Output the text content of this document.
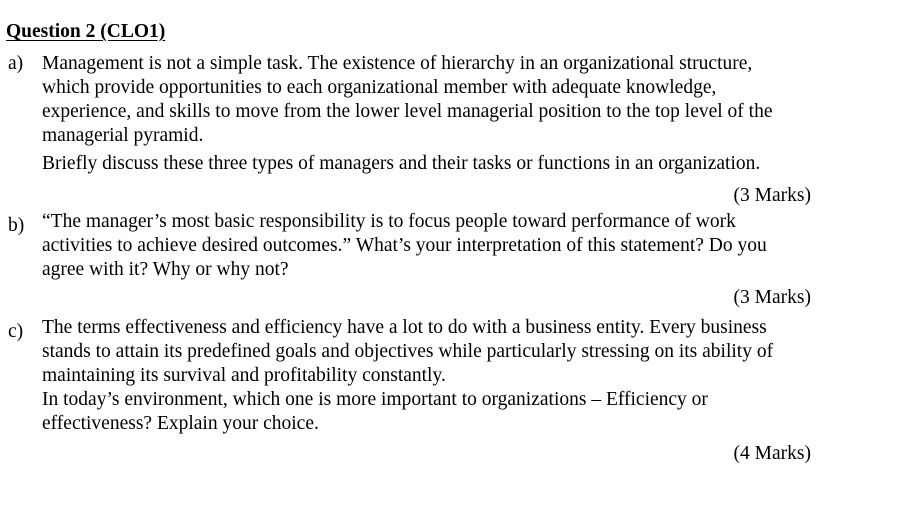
Question 2 (CLO1)
a) Management is not a simple task. The existence of hierarchy in an organizational structure,

which provide opportunities to each organizational member with adequate knowledge,

experience, and skills to move from the lower level managerial position to the top level of the

managerial pyramid.

Briefly discuss these three types of managers and their tasks or functions in an organization.

(3 Marks)
b) “The manager’s most basic responsibility is to focus people toward performance of work

activities to achieve desired outcomes.” What’s your interpretation of this statement? Do you

agree with it? Why or why not?

(3 Marks)
c) The terms effectiveness and efficiency have a lot to do with a business entity. Every business

stands to attain its predefined goals and objectives while particularly stressing on its ability of

maintaining its survival and profitability constantly.

In today’s environment, which one is more important to organizations – Efficiency or

effectiveness? Explain your choice.

(4 Marks)
